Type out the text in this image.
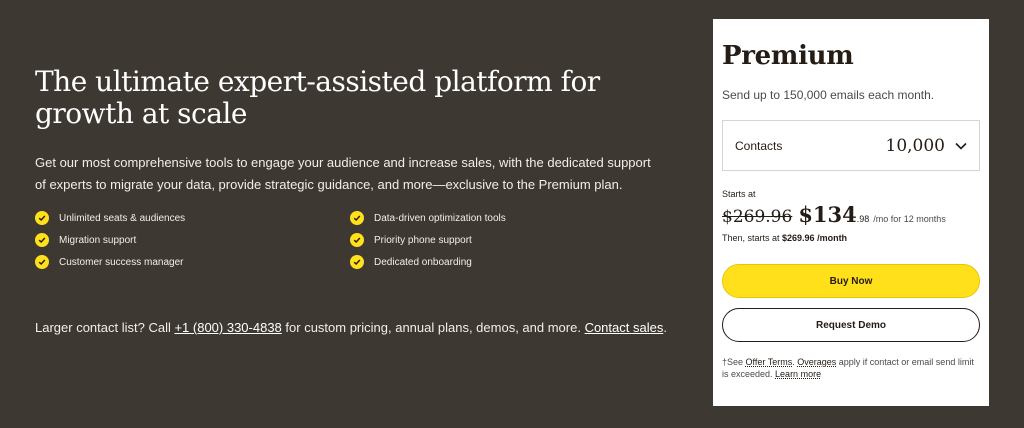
The ultimate expert-assisted platform for
growth at scale

Get our most comprehensive tools to engage your audience and increase sales, with the dedicated support of experts to migrate your data, provide strategic guidance, and more—exclusive to the Premium plan.

Unlimited seats & audiences	Data-driven optimization tools
Migration support	Priority phone support
Customer success manager	Dedicated onboarding

Larger contact list? Call +1 (800) 330-4838 for custom pricing, annual plans, demos, and more. Contact sales.

Premium

Send up to 150,000 emails each month.

Contacts	10,000

Starts at

$269.96 $134 .98 /mo for 12 months

Then, starts at $269.96 /month

Buy Now
Request Demo

†See Offer Terms. Overages apply if contact or email send limit is exceeded. Learn more
